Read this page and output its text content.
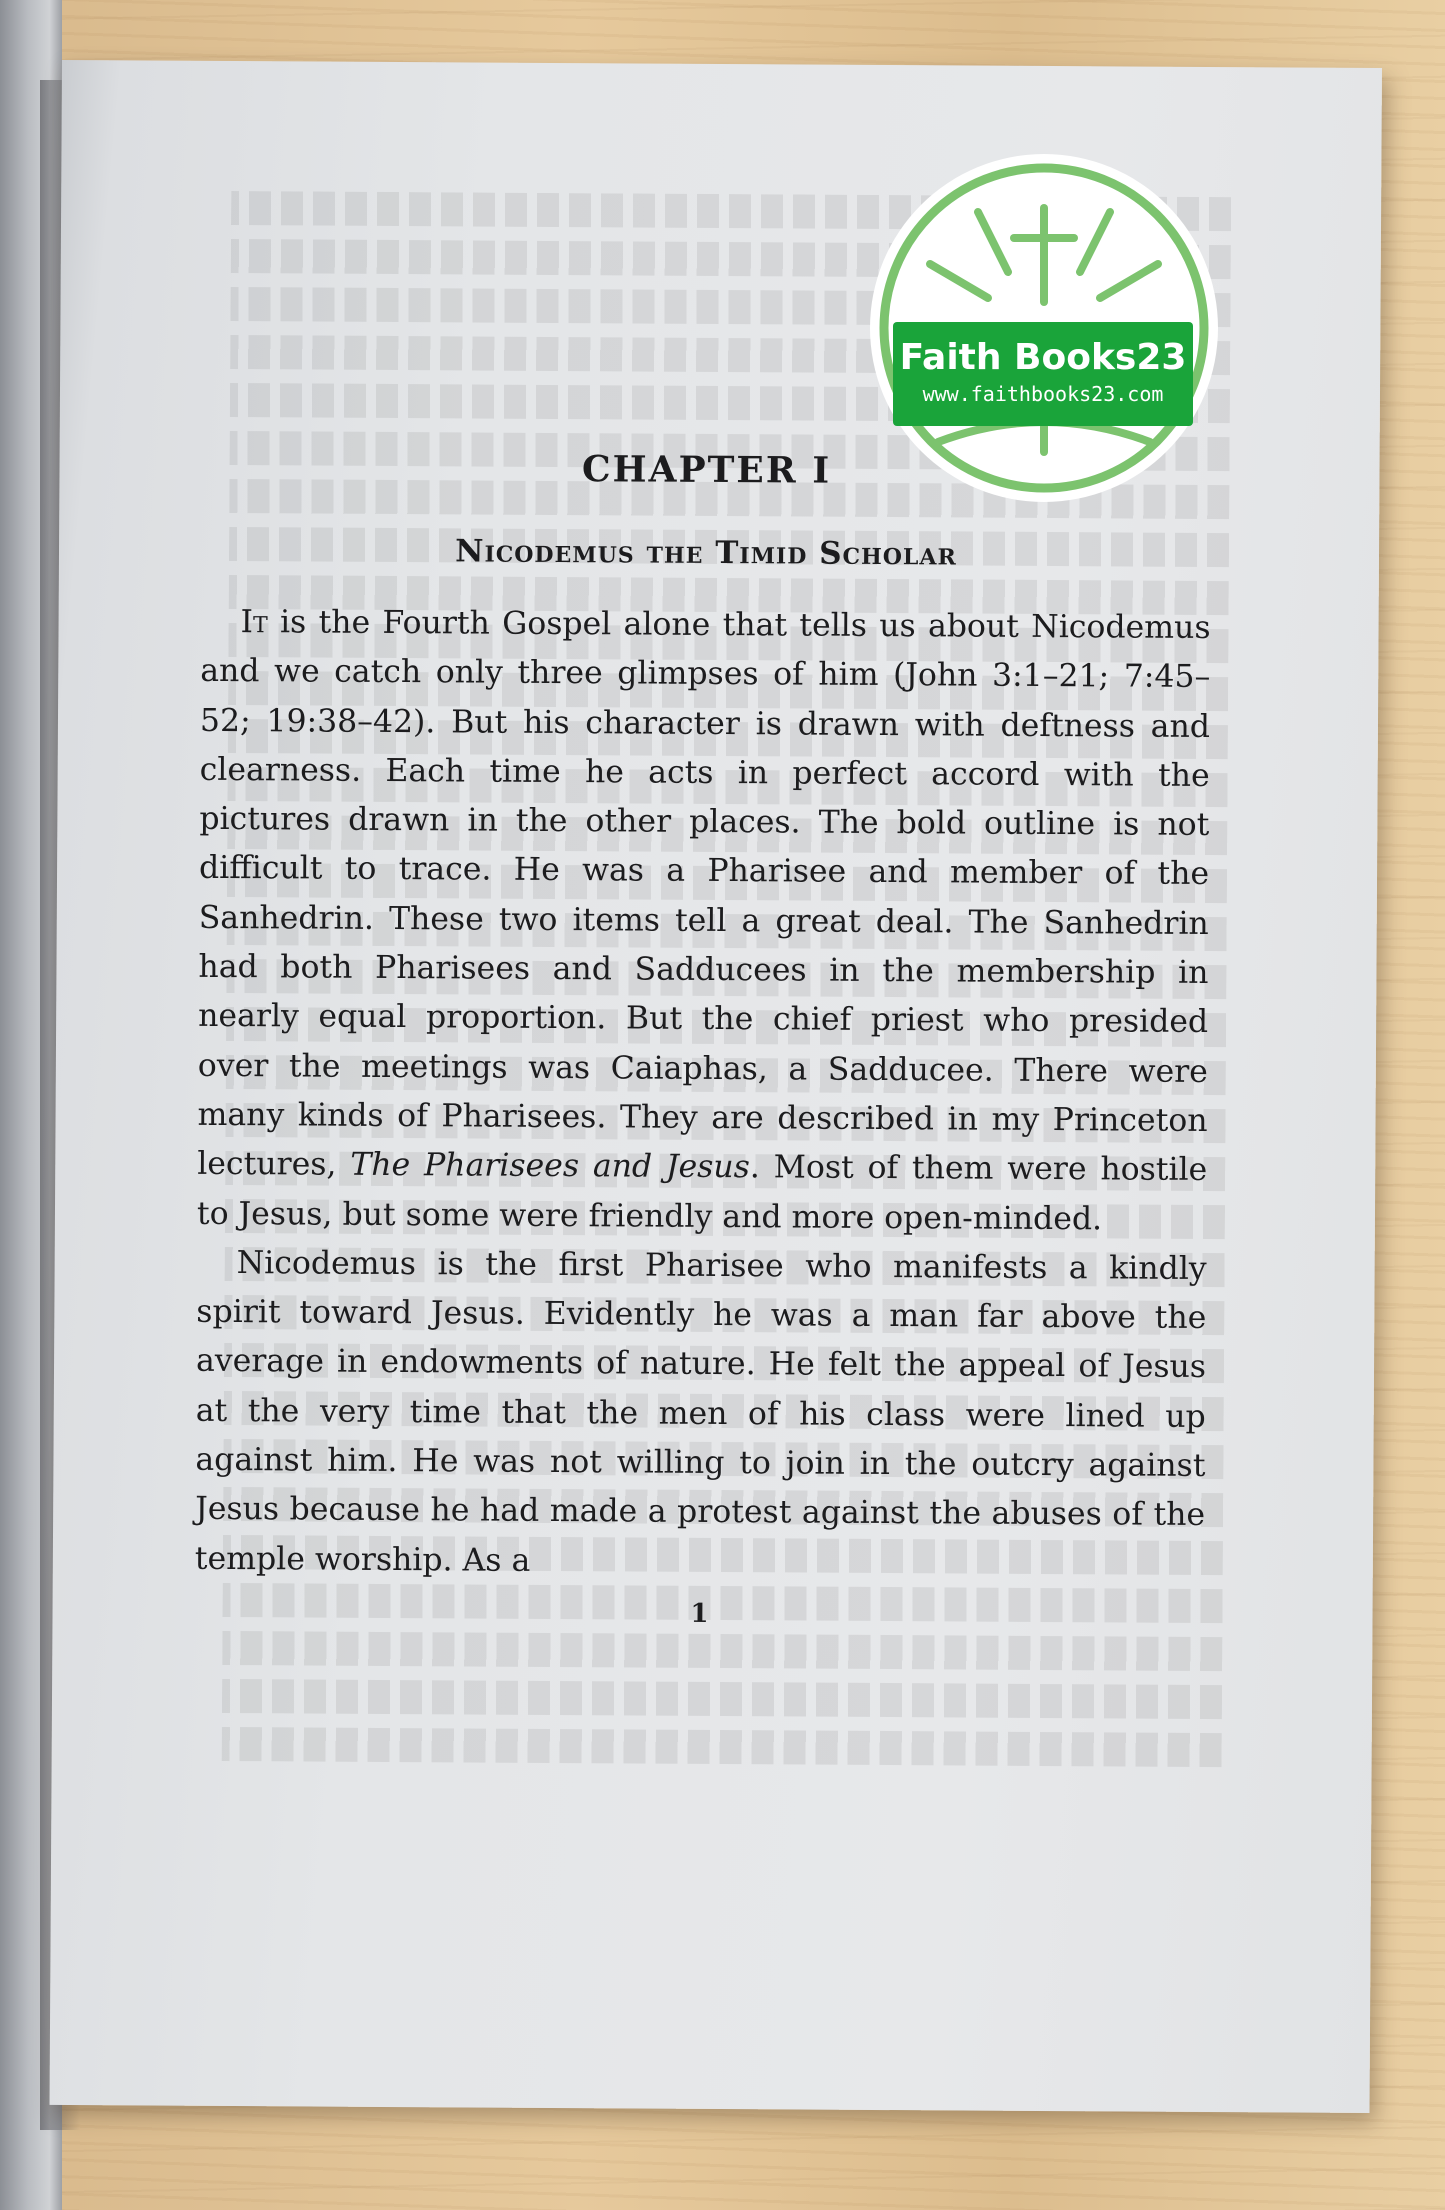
CHAPTER I
Nicodemus the Timid Scholar

It is the Fourth Gospel alone that tells us about Nicodemus and we catch only three glimpses of him (John 3:1–21; 7:45–52; 19:38–42). But his character is drawn with deftness and clearness. Each time he acts in perfect accord with the pictures drawn in the other places. The bold outline is not difficult to trace. He was a Pharisee and member of the Sanhedrin. These two items tell a great deal. The Sanhedrin had both Pharisees and Sadducees in the membership in nearly equal proportion. But the chief priest who presided over the meetings was Caiaphas, a Sadducee. There were many kinds of Pharisees. They are described in my Princeton lectures, The Pharisees and Jesus. Most of them were hostile to Jesus, but some were friendly and more open-minded.

Nicodemus is the first Pharisee who manifests a kindly spirit toward Jesus. Evidently he was a man far above the average in endowments of nature. He felt the appeal of Jesus at the very time that the men of his class were lined up against him. He was not willing to join in the outcry against Jesus because he had made a protest against the abuses of the temple worship. As a

1
Faith Books23
www.faithbooks23.com
